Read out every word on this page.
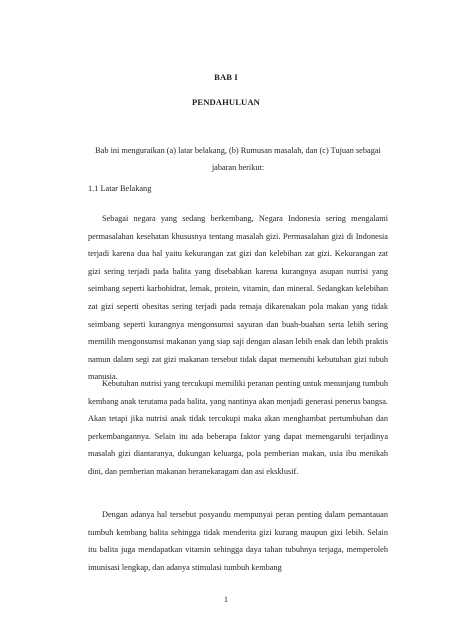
BAB I
PENDAHULUAN
Bab ini menguraikan (a) latar belakang, (b) Rumusan masalah, dan (c) Tujuan sebagai jabaran berikut:
1.1 Latar Belakang

Sebagai negara yang sedang berkembang, Negara Indonesia sering mengalami permasalahan kesehatan khususnya tentang masalah gizi. Permasalahan gizi di Indonesia terjadi karena dua hal yaitu kekurangan zat gizi dan kelebihan zat gizi. Kekurangan zat gizi sering terjadi pada balita yang disebabkan karena kurangnya asupan nutrisi yang seimbang seperti karbohidrat, lemak, protein, vitamin, dan mineral. Sedangkan kelebihan zat gizi seperti obesitas sering terjadi pada remaja dikarenakan pola makan yang tidak seimbang seperti kurangnya mengonsumsi sayuran dan buah-buahan serta lebih sering memilih mengonsumsi makanan yang siap saji dengan alasan lebih enak dan lebih praktis namun dalam segi zat gizi makanan tersebut tidak dapat memenuhi kebutuhan gizi tubuh manusia.

Kebutuhan nutrisi yang tercukupi memiliki peranan penting untuk menunjang tumbuh kembang anak terutama pada balita, yang nantinya akan menjadi generasi penerus bangsa. Akan tetapi jika nutrisi anak tidak tercukupi maka akan menghambat pertumbuhan dan perkembangannya. Selain itu ada beberapa faktor yang dapat memengaruhi terjadinya masalah gizi diantaranya, dukungan keluarga, pola pemberian makan, usia ibu menikah dini, dan pemberian makanan beranekaragam dan asi eksklusif.

Dengan adanya hal tersebut posyandu mempunyai peran penting dalam pemantauan tumbuh kembang balita sehingga tidak menderita gizi kurang maupun gizi lebih. Selain itu balita juga mendapatkan vitamin sehingga daya tahan tubuhnya terjaga, memperoleh imunisasi lengkap, dan adanya stimulasi tumbuh kembang

1
